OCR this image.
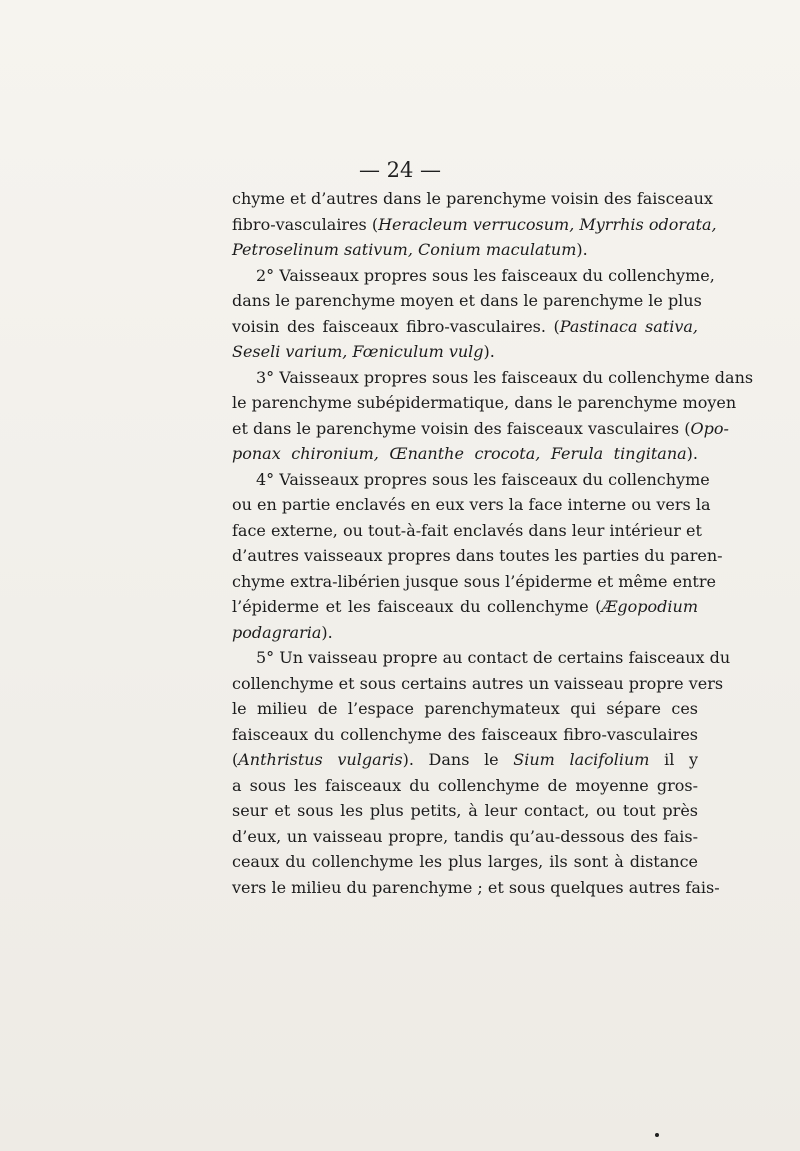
— 24 —
chyme et d’autres dans le parenchyme voisin des faisceaux
fibro-vasculaires (Heracleum verrucosum, Myrrhis odorata,
Petroselinum sativum, Conium maculatum).
2° Vaisseaux propres sous les faisceaux du collenchyme,
dans le parenchyme moyen et dans le parenchyme le plus
voisin des faisceaux fibro-vasculaires. (Pastinaca sativa,
Seseli varium, Fœniculum vulg).
3° Vaisseaux propres sous les faisceaux du collenchyme dans
le parenchyme subépidermatique, dans le parenchyme moyen
et dans le parenchyme voisin des faisceaux vasculaires (Opo-
ponax chironium, Œnanthe crocota, Ferula tingitana).
4° Vaisseaux propres sous les faisceaux du collenchyme
ou en partie enclavés en eux vers la face interne ou vers la
face externe, ou tout-à-fait enclavés dans leur intérieur et
d’autres vaisseaux propres dans toutes les parties du paren-
chyme extra-libérien jusque sous l’épiderme et même entre
l’épiderme et les faisceaux du collenchyme (Ægopodium
podagraria).
5° Un vaisseau propre au contact de certains faisceaux du
collenchyme et sous certains autres un vaisseau propre vers
le milieu de l’espace parenchymateux qui sépare ces
faisceaux du collenchyme des faisceaux fibro-vasculaires
(Anthristus vulgaris). Dans le Sium lacifolium il y
a sous les faisceaux du collenchyme de moyenne gros-
seur et sous les plus petits, à leur contact, ou tout près
d’eux, un vaisseau propre, tandis qu’au-dessous des fais-
ceaux du collenchyme les plus larges, ils sont à distance
vers le milieu du parenchyme ; et sous quelques autres fais-
